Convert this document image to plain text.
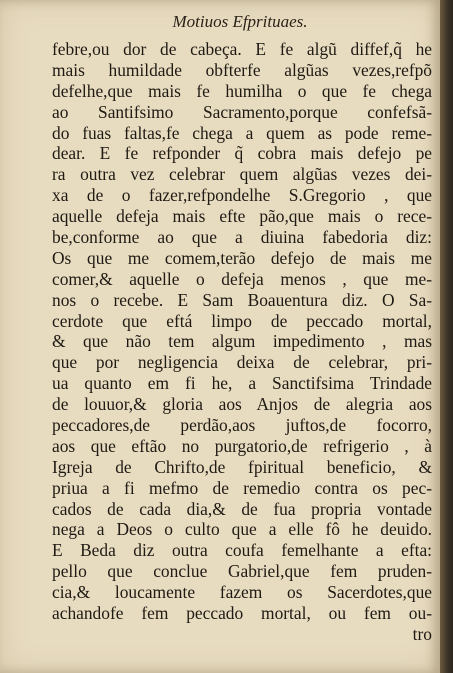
Motiuos Efprituaes.
febre,ou dor de cabeça. E fe algũ diffef,q̃ he
mais humildade obfterfe algũas vezes,refpõ
defelhe,que mais fe humilha o que fe chega
ao Santifsimo Sacramento,porque confefsã-
do fuas faltas,fe chega a quem as pode reme-
dear. E fe refponder q̃ cobra mais defejo pe
ra outra vez celebrar quem algũas vezes dei-
xa de o fazer,refpondelhe S.Gregorio , que
aquelle defeja mais efte pão,que mais o rece-
be,conforme ao que a diuina fabedoria diz:
Os que me comem,terão defejo de mais me
comer,& aquelle o defeja menos , que me-
nos o recebe. E Sam Boauentura diz. O Sa-
cerdote que eftá limpo de peccado mortal,
& que não tem algum impedimento , mas
que por negligencia deixa de celebrar, pri-
ua quanto em fi he, a Sanctifsima Trindade
de louuor,& gloria aos Anjos de alegria aos
peccadores,de perdão,aos juftos,de focorro,
aos que eftão no purgatorio,de refrigerio , à
Igreja de Chrifto,de fpiritual beneficio, &
priua a fi mefmo de remedio contra os pec-
cados de cada dia,& de fua propria vontade
nega a Deos o culto que a elle fô he deuido.
E Beda diz outra coufa femelhante a efta:
pello que conclue Gabriel,que fem pruden-
cia,& loucamente fazem os Sacerdotes,que
achandofe fem peccado mortal, ou fem ou-
tro
